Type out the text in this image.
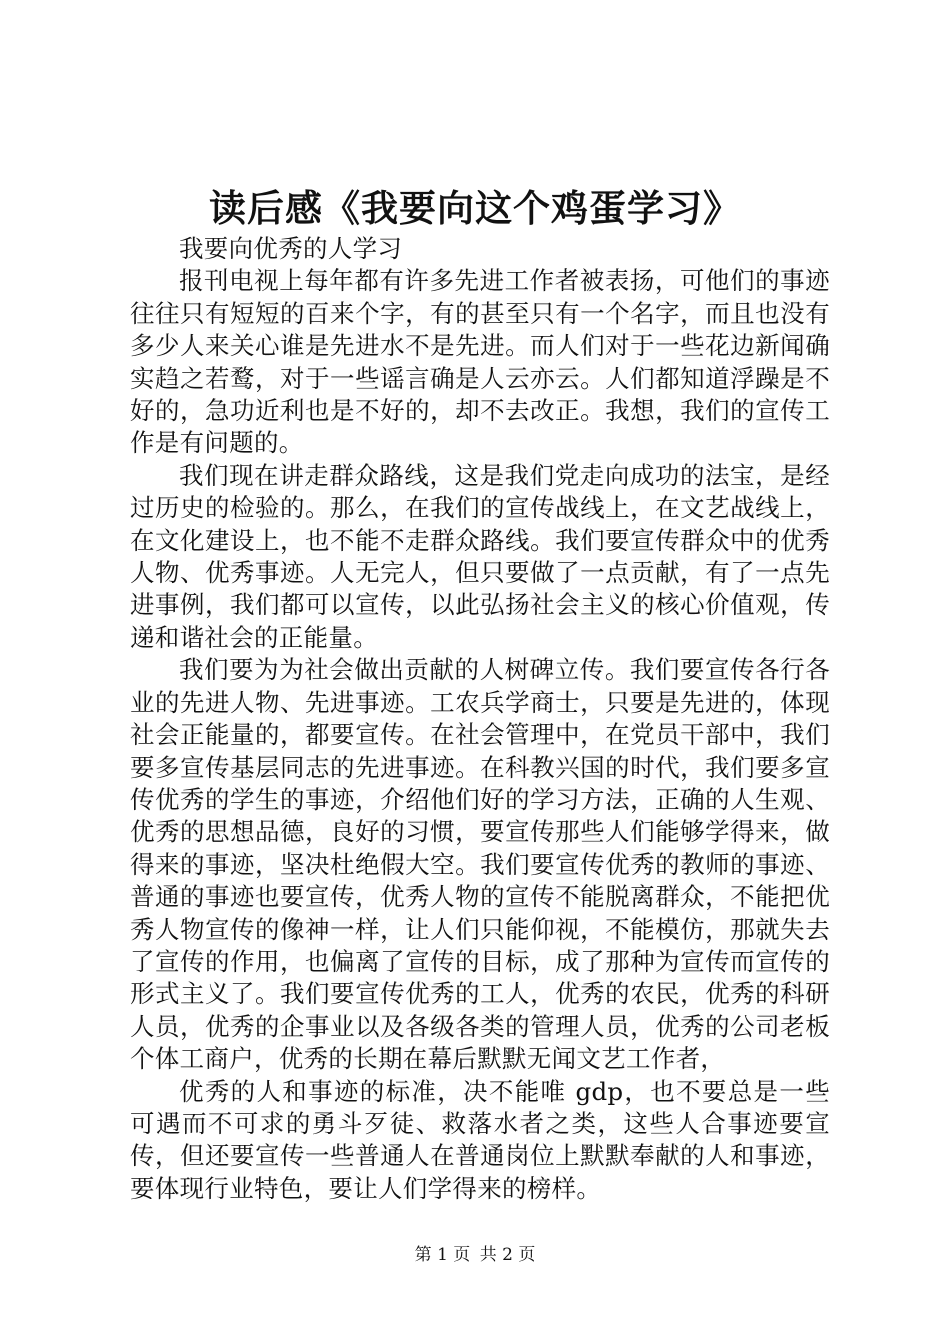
读后感《我要向这个鸡蛋学习》

我要向优秀的人学习

报刊电视上每年都有许多先进工作者被表扬，可他们的事迹往往只有短短的百来个字，有的甚至只有一个名字，而且也没有多少人来关心谁是先进水不是先进。而人们对于一些花边新闻确实趋之若鹜，对于一些谣言确是人云亦云。人们都知道浮躁是不好的，急功近利也是不好的，却不去改正。我想，我们的宣传工作是有问题的。

我们现在讲走群众路线，这是我们党走向成功的法宝，是经过历史的检验的。那么，在我们的宣传战线上，在文艺战线上，在文化建设上，也不能不走群众路线。我们要宣传群众中的优秀人物、优秀事迹。人无完人，但只要做了一点贡献，有了一点先进事例，我们都可以宣传，以此弘扬社会主义的核心价值观，传递和谐社会的正能量。

我们要为为社会做出贡献的人树碑立传。我们要宣传各行各业的先进人物、先进事迹。工农兵学商士，只要是先进的，体现社会正能量的，都要宣传。在社会管理中，在党员干部中，我们要多宣传基层同志的先进事迹。在科教兴国的时代，我们要多宣传优秀的学生的事迹，介绍他们好的学习方法，正确的人生观、优秀的思想品德，良好的习惯，要宣传那些人们能够学得来，做得来的事迹，坚决杜绝假大空。我们要宣传优秀的教师的事迹、普通的事迹也要宣传，优秀人物的宣传不能脱离群众，不能把优秀人物宣传的像神一样，让人们只能仰视，不能模仿，那就失去了宣传的作用，也偏离了宣传的目标，成了那种为宣传而宣传的形式主义了。我们要宣传优秀的工人，优秀的农民，优秀的科研人员，优秀的企事业以及各级各类的管理人员，优秀的公司老板个体工商户，优秀的长期在幕后默默无闻文艺工作者，

优秀的人和事迹的标准，决不能唯 gdp，也不要总是一些可遇而不可求的勇斗歹徒、救落水者之类，这些人合事迹要宣传，但还要宣传一些普通人在普通岗位上默默奉献的人和事迹，要体现行业特色，要让人们学得来的榜样。

第 1 页 共 2 页
